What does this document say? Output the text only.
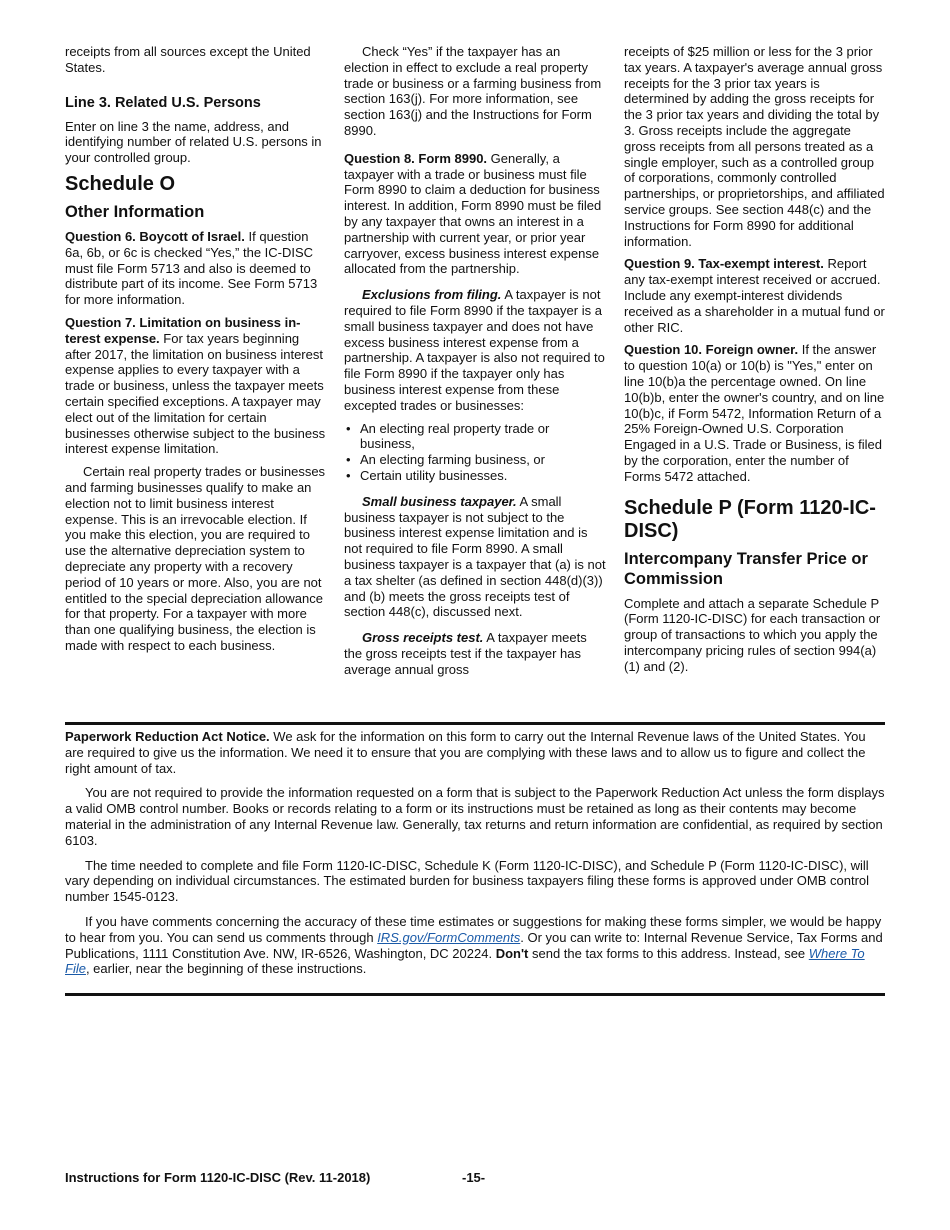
receipts from all sources except the United States.

Line 3. Related U.S. Persons

Enter on line 3 the name, address, and identifying number of related U.S. persons in your controlled group.

Schedule O
Other Information

Question 6. Boycott of Israel. If question 6a, 6b, or 6c is checked “Yes,” the IC-DISC must file Form 5713 and also is deemed to distribute part of its income. See Form 5713 for more information.

Question 7. Limitation on business in-terest expense. For tax years beginning after 2017, the limitation on business interest expense applies to every taxpayer with a trade or business, unless the taxpayer meets certain specified exceptions. A taxpayer may elect out of the limitation for certain businesses otherwise subject to the business interest expense limitation.

Certain real property trades or businesses and farming businesses qualify to make an election not to limit business interest expense. This is an irrevocable election. If you make this election, you are required to use the alternative depreciation system to depreciate any property with a recovery period of 10 years or more. Also, you are not entitled to the special depreciation allowance for that property. For a taxpayer with more than one qualifying business, the election is made with respect to each business.

Check “Yes” if the taxpayer has an election in effect to exclude a real property trade or business or a farming business from section 163(j). For more information, see section 163(j) and the Instructions for Form 8990.

Question 8. Form 8990. Generally, a taxpayer with a trade or business must file Form 8990 to claim a deduction for business interest. In addition, Form 8990 must be filed by any taxpayer that owns an interest in a partnership with current year, or prior year carryover, excess business interest expense allocated from the partnership.

Exclusions from filing. A taxpayer is not required to file Form 8990 if the taxpayer is a small business taxpayer and does not have excess business interest expense from a partnership. A taxpayer is also not required to file Form 8990 if the taxpayer only has business interest expense from these excepted trades or businesses:

• An electing real property trade or business,
• An electing farming business, or
• Certain utility businesses.

Small business taxpayer. A small business taxpayer is not subject to the business interest expense limitation and is not required to file Form 8990. A small business taxpayer is a taxpayer that (a) is not a tax shelter (as defined in section 448(d)(3)) and (b) meets the gross receipts test of section 448(c), discussed next.

Gross receipts test. A taxpayer meets the gross receipts test if the taxpayer has average annual gross

receipts of $25 million or less for the 3 prior tax years. A taxpayer's average annual gross receipts for the 3 prior tax years is determined by adding the gross receipts for the 3 prior tax years and dividing the total by 3. Gross receipts include the aggregate gross receipts from all persons treated as a single employer, such as a controlled group of corporations, commonly controlled partnerships, or proprietorships, and affiliated service groups. See section 448(c) and the Instructions for Form 8990 for additional information.

Question 9. Tax-exempt interest. Report any tax-exempt interest received or accrued. Include any exempt-interest dividends received as a shareholder in a mutual fund or other RIC.

Question 10. Foreign owner. If the answer to question 10(a) or 10(b) is "Yes," enter on line 10(b)a the percentage owned. On line 10(b)b, enter the owner's country, and on line 10(b)c, if Form 5472, Information Return of a 25% Foreign-Owned U.S. Corporation Engaged in a U.S. Trade or Business, is filed by the corporation, enter the number of Forms 5472 attached.

Schedule P (Form 1120-IC-DISC)
Intercompany Transfer Price or Commission

Complete and attach a separate Schedule P (Form 1120-IC-DISC) for each transaction or group of transactions to which you apply the intercompany pricing rules of section 994(a)(1) and (2).

Paperwork Reduction Act Notice. We ask for the information on this form to carry out the Internal Revenue laws of the United States. You are required to give us the information. We need it to ensure that you are complying with these laws and to allow us to figure and collect the right amount of tax.

You are not required to provide the information requested on a form that is subject to the Paperwork Reduction Act unless the form displays a valid OMB control number. Books or records relating to a form or its instructions must be retained as long as their contents may become material in the administration of any Internal Revenue law. Generally, tax returns and return information are confidential, as required by section 6103.

The time needed to complete and file Form 1120-IC-DISC, Schedule K (Form 1120-IC-DISC), and Schedule P (Form 1120-IC-DISC), will vary depending on individual circumstances. The estimated burden for business taxpayers filing these forms is approved under OMB control number 1545-0123.

If you have comments concerning the accuracy of these time estimates or suggestions for making these forms simpler, we would be happy to hear from you. You can send us comments through IRS.gov/FormComments. Or you can write to: Internal Revenue Service, Tax Forms and Publications, 1111 Constitution Ave. NW, IR-6526, Washington, DC 20224. Don't send the tax forms to this address. Instead, see Where To File, earlier, near the beginning of these instructions.

Instructions for Form 1120-IC-DISC (Rev. 11-2018)	-15-
